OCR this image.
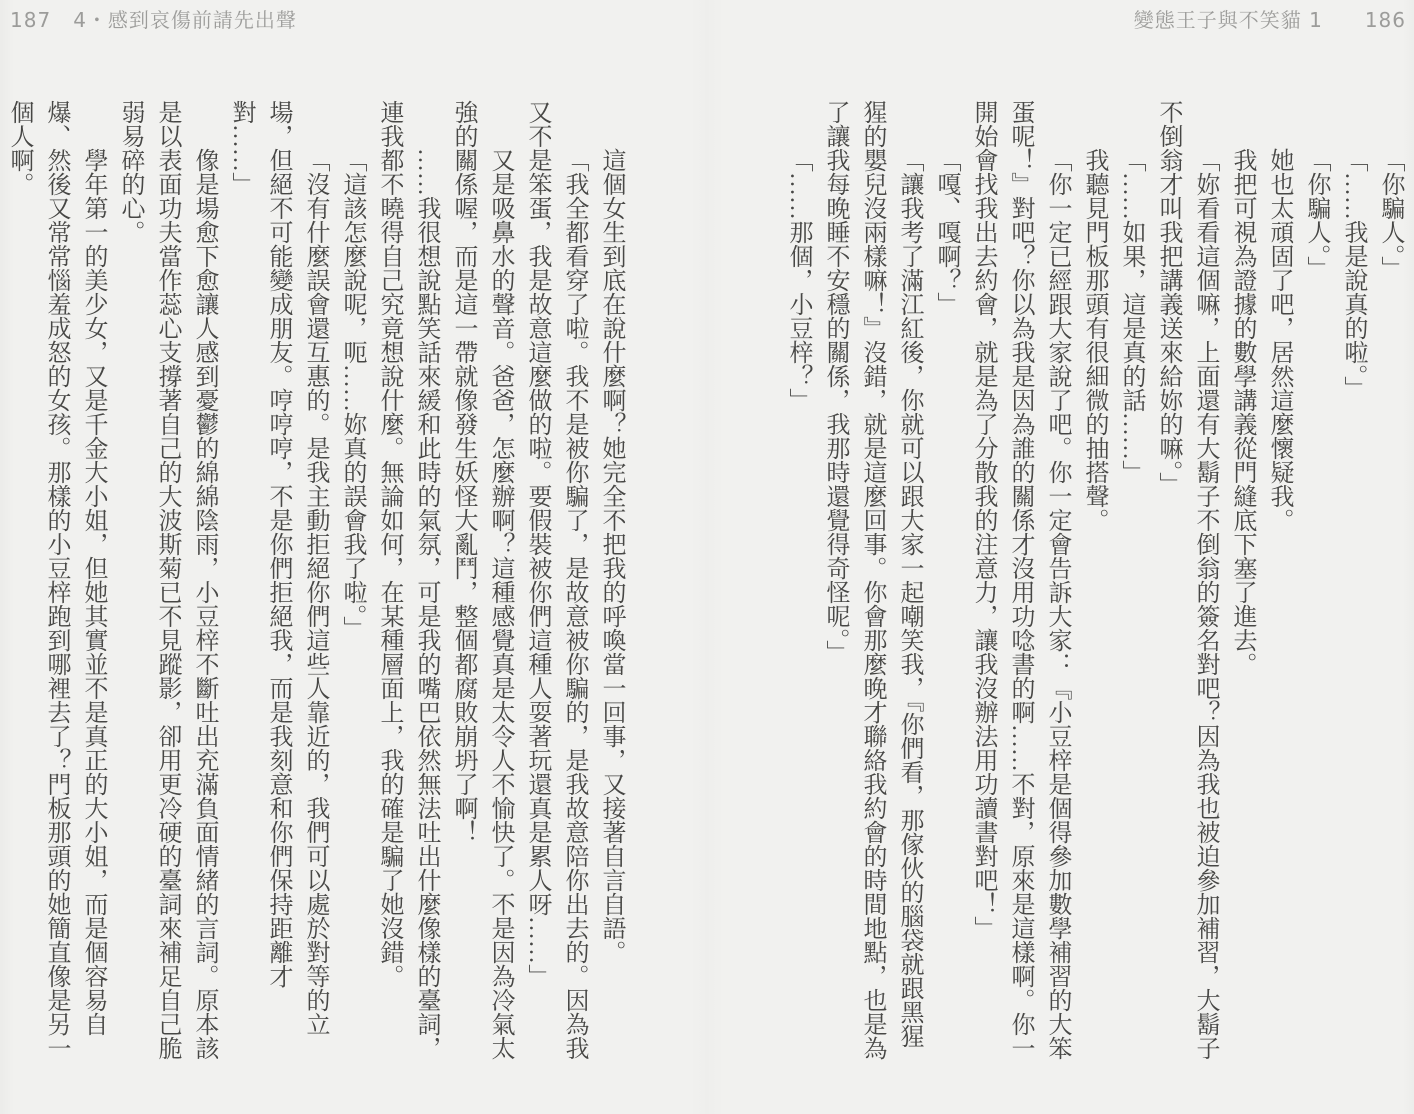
187 4・感到哀傷前請先出聲	變態王子與不笑貓 1 186

「你騙人。」

「……我是說真的啦。」

「你騙人。」

她也太頑固了吧，居然這麼懷疑我。

我把可視為證據的數學講義從門縫底下塞了進去。

「妳看看這個嘛，上面還有大鬍子不倒翁的簽名對吧？因為我也被迫參加補習，大鬍子不倒翁才叫我把講義送來給妳的嘛。」

「……如果，這是真的話……」

我聽見門板那頭有很細微的抽搭聲。

「你一定已經跟大家說了吧。你一定會告訴大家：『小豆梓是個得參加數學補習的大笨蛋呢！』對吧？你以為我是因為誰的關係才沒用功唸書的啊……不對，原來是這樣啊。你一開始會找我出去約會，就是為了分散我的注意力，讓我沒辦法用功讀書對吧！」

「嘎、嘎啊？」

「讓我考了滿江紅後，你就可以跟大家一起嘲笑我，『你們看，那傢伙的腦袋就跟黑猩猩的嬰兒沒兩樣嘛！』沒錯，就是這麼回事。你會那麼晚才聯絡我約會的時間地點，也是為了讓我每晚睡不安穩的關係，我那時還覺得奇怪呢。」

「……那個，小豆梓？」

這個女生到底在說什麼啊？她完全不把我的呼喚當一回事，又接著自言自語。

「我全都看穿了啦。我不是被你騙了，是故意被你騙的，是我故意陪你出去的。因為我又不是笨蛋，我是故意這麼做的啦。要假裝被你們這種人耍著玩還真是累人呀……」

又是吸鼻水的聲音。爸爸，怎麼辦啊？這種感覺真是太令人不愉快了。不是因為冷氣太強的關係喔，而是這一帶就像發生妖怪大亂鬥，整個都腐敗崩坍了啊！

……我很想說點笑話來緩和此時的氣氛，可是我的嘴巴依然無法吐出什麼像樣的臺詞，連我都不曉得自己究竟想說什麼。無論如何，在某種層面上，我的確是騙了她沒錯。

「這該怎麼說呢，呃……妳真的誤會我了啦。」

「沒有什麼誤會還互惠的。是我主動拒絕你們這些人靠近的，我們可以處於對等的立場，但絕不可能變成朋友。哼哼哼，不是你們拒絕我，而是我刻意和你們保持距離才對……」

像是場愈下愈讓人感到憂鬱的綿綿陰雨，小豆梓不斷吐出充滿負面情緒的言詞。原本該是以表面功夫當作蕊心支撐著自己的大波斯菊已不見蹤影，卻用更冷硬的臺詞來補足自己脆弱易碎的心。

學年第一的美少女，又是千金大小姐，但她其實並不是真正的大小姐，而是個容易自爆、然後又常常惱羞成怒的女孩。那樣的小豆梓跑到哪裡去了？門板那頭的她簡直像是另一個人啊。
